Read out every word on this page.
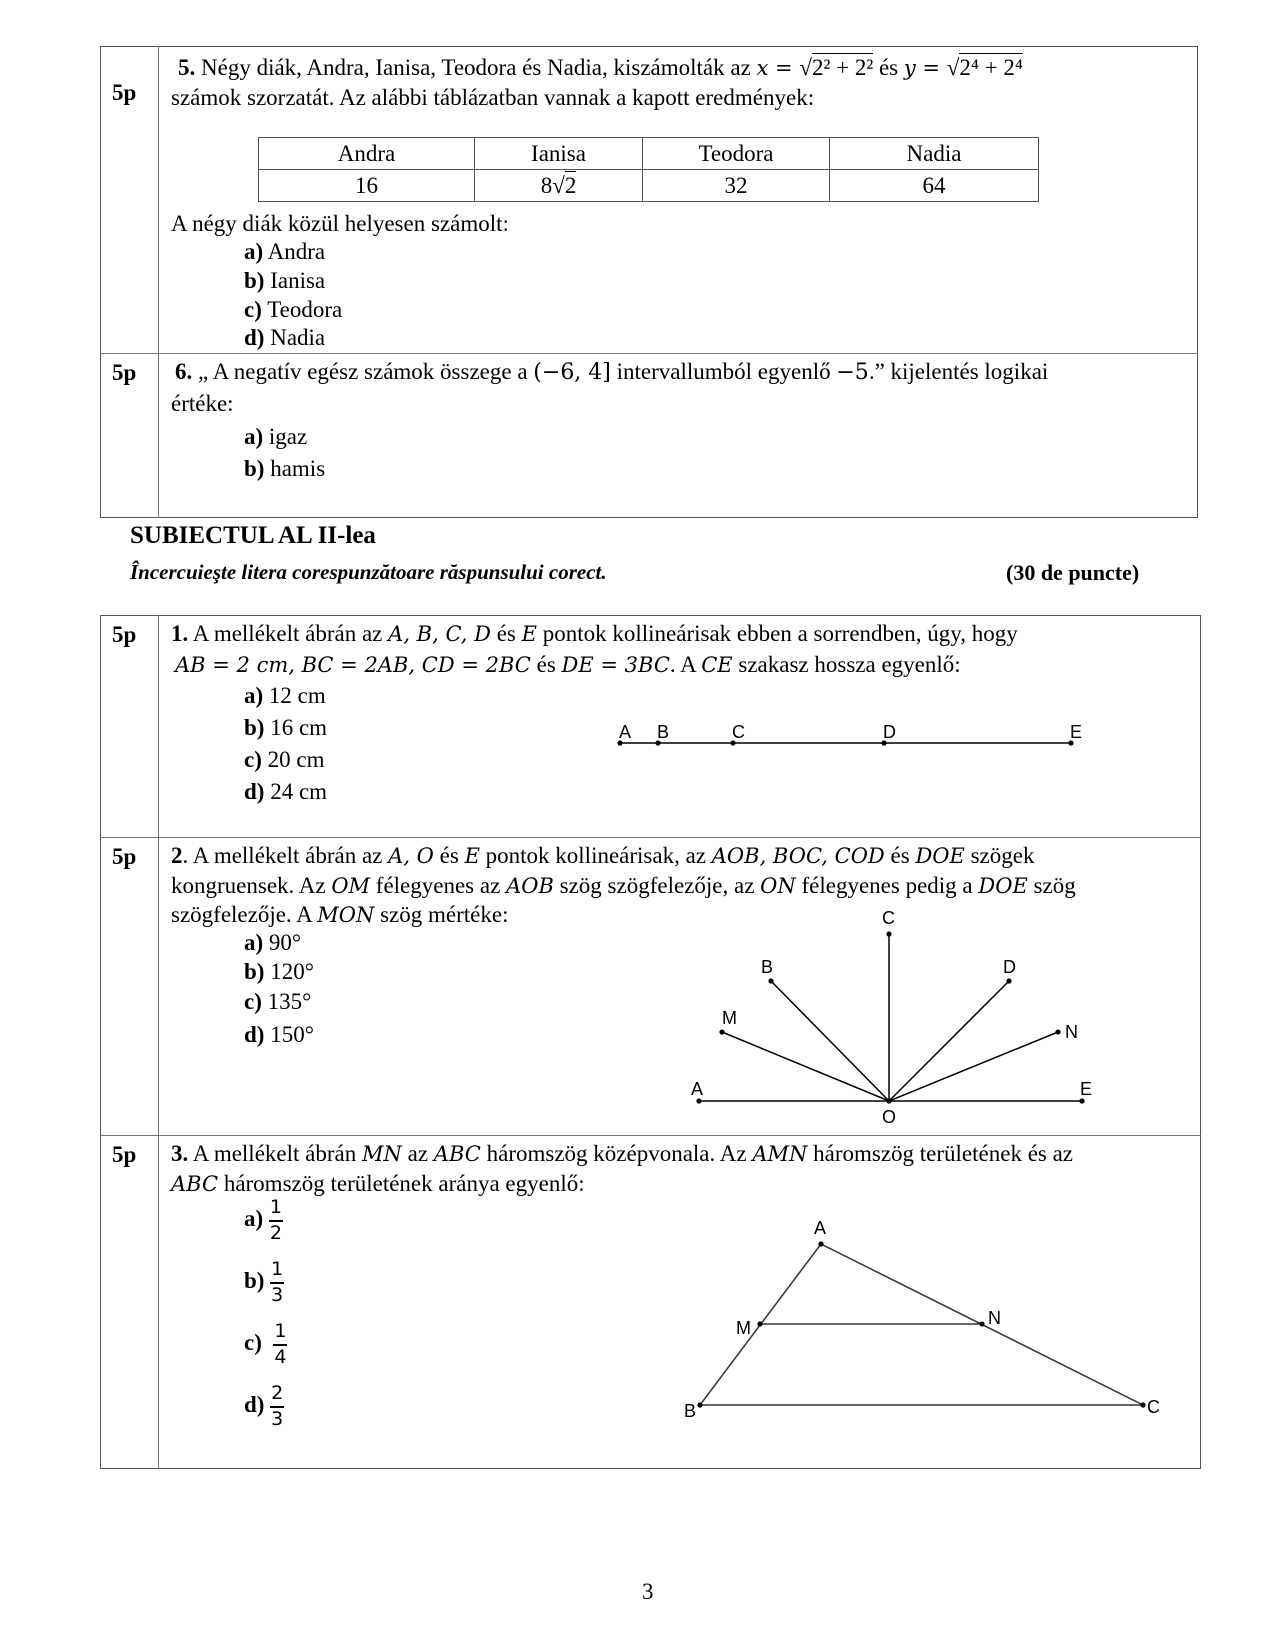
5p
5. Négy diák, Andra, Ianisa, Teodora és Nadia, kiszámolták az x = √2² + 2² és y = √2⁴ + 2⁴
számok szorzatát. Az alábbi táblázatban vannak a kapott eredmények:
Andra	Ianisa	Teodora	Nadia
16	8√2	32	64
A négy diák közül helyesen számolt:
a) Andra
b) Ianisa
c) Teodora
d) Nadia
5p 6. „ A negatív egész számok összege a (−6, 4] intervallumból egyenlő −5.” kijelentés logikai
értéke:
a) igaz
b) hamis
SUBIECTUL AL II-lea
Încercuieşte litera corespunzătoare răspunsului corect.	(30 de puncte)
5p 1. A mellékelt ábrán az A, B, C, D és E pontok kollineárisak ebben a sorrendben, úgy, hogy
AB = 2 cm, BC = 2AB, CD = 2BC és DE = 3BC. A CE szakasz hossza egyenlő:
a) 12 cm
b) 16 cm
c) 20 cm
d) 24 cm
A B	C	D	E
5p 2. A mellékelt ábrán az A, O és E pontok kollineárisak, az AOB, BOC, COD és DOE szögek
kongruensek. Az OM félegyenes az AOB szög szögfelezője, az ON félegyenes pedig a DOE szög
szögfelezője. A MON szög mértéke:
a) 90°
b) 120°
c) 135°
d) 150°
A	E
C
B	D
M
N
O
5p 3. A mellékelt ábrán MN az ABC háromszög középvonala. Az AMN háromszög területének és az
ABC háromszög területének aránya egyenlő:
$a) \frac{1}{2}$
$b) \frac{1}{3}$
$c) \frac{1}{4}$
$d) \frac{2}{3}$
A
B	C
M	N
3
